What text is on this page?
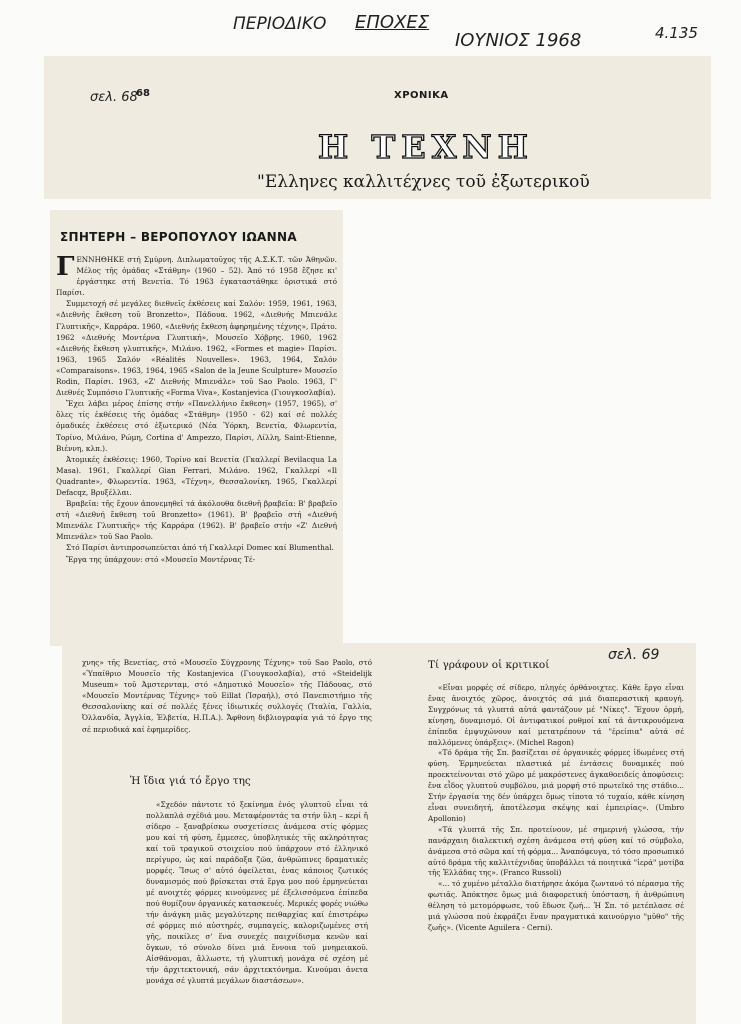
ΠΕΡΙΟΔΙΚΟ ΕΠΟΧΕΣ
ΙΟΥΝΙΟΣ 1968	4.135
σελ. 68
68	ΧΡΟΝΙΚΑ
Η ΤΕΧΝΗ
"Ελληνες καλλιτέχνες τοῦ ἐξωτερικοῦ
ΣΠΗΤΕΡΗ – ΒΕΡΟΠΟΥΛΟΥ ΙΩΑΝΝΑ

ΓΕΝΝΗΘΗΚΕ στή Σμύρνη. Διπλωματοῦχος τῆς Α.Σ.Κ.Τ. τῶν Ἀθηνῶν. Μέλος τῆς ὁμάδας «Στάθμη» (1960 – 52). Ἀπό τό 1958 ἔζησε κι' ἐργάστηκε στή Βενετία. Τό 1963 ἐγκαταστάθηκε ὁριστικά στό Παρίσι.

Συμμετοχή σέ μεγάλες διεθνεῖς ἐκθέσεις καί Σαλόν: 1959, 1961, 1963, «Διεθνής ἔκθεση τοῦ Bronzetto», Πάδουα. 1962, «Διεθνής Μπιενάλε Γλυπτικῆς», Καρράρα. 1960, «Διεθνής ἔκθεση ἀφηρημένης τέχνης», Πράτο. 1962 «Διεθνής Μοντέρνα Γλυπτική», Μουσεῖο Χόβρης. 1960, 1962 «Διεθνής ἔκθεση γλυπτικῆς», Μιλάνο. 1962, «Formes et magie» Παρίσι. 1963, 1965 Σαλόν «Réalités Nouvelles». 1963, 1964, Σαλόν «Comparaisons». 1963, 1964, 1965 «Salon de la Jeune Sculpture» Μουσεῖο Rodin, Παρίσι. 1963, «Ζ' Διεθνής Μπιενάλε» τοῦ Sao Paolo. 1963, Γ' Διεθνές Συμπόσιο Γλυπτικῆς «Forma Viva», Kostanjevica (Γιουγκοσλαβία).

Ἔχει λάβει μέρος ἐπίσης στήν «Πανελλήνιο ἔκθεση» (1957, 1965), σ' ὅλες τίς ἐκθέσεις τῆς ὁμάδας «Στάθμη» (1950 - 62) καί σέ πολλές ὁμαδικές ἐκθέσεις στό ἐξωτερικό (Νέα Ὑόρκη, Βενετία, Φλωρεντία, Τορίνο, Μιλάνο, Ρώμη, Cortina d' Ampezzo, Παρίσι, Λίλλη, Saint-Etienne, Βιέννη, κλπ.).

Ἀτομικές ἐκθέσεις: 1960, Τορίνο καί Βενετία (Γκαλλερί Bevilacqua La Masa). 1961, Γκαλλερί Gian Ferrari, Μιλάνο. 1962, Γκαλλερί «Il Quadrante», Φλωρεντία. 1963, «Τέχνη», Θεσσαλονίκη. 1965, Γκαλλερί Defacqz, Βρυξέλλαι.

Βραβεῖα: τῆς ἔχουν ἀπονεμηθεῖ τά ἀκόλουθα διεθνῆ βραβεῖα: Β' βραβεῖο στή «Διεθνή ἔκθεση τοῦ Bronzetto» (1961). Β' βραβεῖο στή «Διεθνή Μπιενάλε Γλυπτικῆς» τῆς Καρράρα (1962). Β' βραβεῖο στήν «Ζ' Διεθνή Μπιενάλε» τοῦ Sao Paolo.

Στό Παρίσι ἀντιπροσωπεύεται ἀπό τή Γκαλλερί Domec καί Blumenthal.

Ἔργα της ὑπάρχουν: στό «Μουσεῖο Μοντέρνας Τέ-

χνης» τῆς Βενετίας, στό «Μουσεῖο Σύγχρονης Τέχνης» τοῦ Sao Paolo, στό «Ὑπαίθριο Μουσεῖο τῆς Kostanjevica (Γιουγκοσλαβία), στό «Steidelijk Museum» τοῦ Ἀμστερνταμ, στό «Δημοτικό Μουσεῖο» τῆς Πάδουας, στό «Μουσεῖο Μοντέρνας Τέχνης» τοῦ Eillat (Ἰσραήλ), στό Πανεπιστήμιο τῆς Θεσσαλονίκης καί σέ πολλές ξένες ἰδιωτικές συλλογές (Ἰταλία, Γαλλία, Ὀλλανδία, Ἀγγλία, Ἑλβετία, Η.Π.Α.). Ἄφθονη διβλιογραφία γιά τό ἔργο της σέ περιοδικά καί ἐφημερίδες.

Ἡ ἴδια γιά τό ἔργο της

«Σχεδόν πάντοτε τό ξεκίνημα ἑνός γλυπτοῦ εἶναι τά πολλαπλά σχέδιά μου. Μεταφέροντάς τα στήν ὕλη – κερί ἤ σίδερο – ξαναβρίσκω συσχετίσεις ἀνάμεσα στίς φόρμες μου καί τή φύση, ἔμμεσες, ὑποβλητικές τῆς ακληρότητας καί τοῦ τραγικοῦ στοιχείου πού ὑπάρχουν στό ἑλληνικό περίγυρο, ὡς καί παράδοξα ζῶα, ἀνθρώπινες δραματικές μορφές. Ἴσως σ' αὐτό ὀφείλεται, ἐνας κάποιος ζωτικός δυναμισμός πού βρίσκεται στά ἔργα μου πού ἐρμηνεύεται μέ ανοιχτές φόρμες κινούμενες μέ ἐξελισσόμενα ἐπίπεδα πού θυμίζουν ὀργανικές κατασκευές. Μερικές φορές νιώθω τήν ἀνάγκη μιᾶς μεγαλύτερης πειθαρχίας καί ἐπιστρέφω σέ φόρμες πιό αὐστηρές, συμπαγείς, καλοριζωμένες στή γῆς, ποικίλες σ' ἕνα συνεχές παιχνίδισμα κενῶν καί ὄγκων, τό σύνολο δίνει μιά ἔννοια τοῦ μνημειακοῦ. Αἰσθάνομαι, ἄλλωστε, τή γλυπτική μονάχα σέ σχέση μέ τήν ἀρχιτεκτονική, σάν ἀρχιτεκτόνημα. Κινούμαι ἀνετα μονάχα σέ γλυπτά μεγάλων διαστάσεων».

Τί γράφουν οἱ κριτικοί
σελ. 69

«Εἶναι μορφές σέ σίδερο, πληγές ὀρθάνοιχτες. Κάθε ἔργο εἶναι ἕνας ἀνοιχτός χῶρος, ἀνοιχτός σά μιά διαπεραστική κραυγή. Συγχρόνως τά γλυπτά αὐτά φαντάζουν μέ "Νίκες". Ἔχουν ὁρμή, κίνηση, δυναμισμό. Οἱ ἀντιφατικοί ρυθμοί καί τά ἀντικρουόμενα ἐπίπεδα ἐμψυχώνουν καί μετατρέπουν τά "ἐρείπια" αὐτά σέ παλλόμενες ὑπάρξεις». (Michel Ragon)

«Τό δράμα τῆς Σπ. βασίζεται σέ ὀργανικές φόρμες ἰδωμένες στή φύση. Ἑρμηνεύεται πλαστικά μέ ἐντάσεις δυναμικές πού προεκτείνονται στό χῶρο μέ μακρόστενες ἀγκαθοειδείς ἀποφύσεις: ἕνα εἶδος γλυπτοῦ συμβόλου, μιά μορφή στό πρωτεϊκό της στάδιο... Στήν ἐργασία της δέν ὑπάρχει ὅμως τίποτα τό τυχαίο, κάθε κίνηση εἶναι συνειδητή, ἀποτέλεσμα σκέψης καί ἐμπειρίας». (Umbro Apollonio)

«Τά γλυπτά τῆς Σπ. προτείνουν, μέ σημερινή γλώσσα, τήν πανάρχαιη διαλεκτική σχέση ἀνάμεσα στή φύση καί τό σύμβολο, ἀνάμεσα στό σῶμα καί τή φόρμα... Ἀναπόφευγα, τό τόσο προσωπικό αὐτό δράμα τῆς καλλιτέχνιδας ὑποβάλλει τά ποιητικά "ἱερά" μοτίβα τῆς Ἑλλάδας της». (Franco Russoli)

«... τό χυμένο μέταλλο διατήρησε ἀκόμα ζωντανό τό πέρασμα τῆς φωτιᾶς. Ἀπόκτησε ὅμως μιά διαφορετική ὑπόσταση, ἡ ἀνθρώπινη θέληση τό μετομόρφωσε, τοῦ ἔδωσε ζωή... Ἡ Σπ. τό μετέπλασε σέ μιά γλώσσα πού ἐκφράζει ἕναν πραγματικά καινούργιο "μῦθο" τῆς ζωῆς». (Vicente Aguilera - Cerni).
